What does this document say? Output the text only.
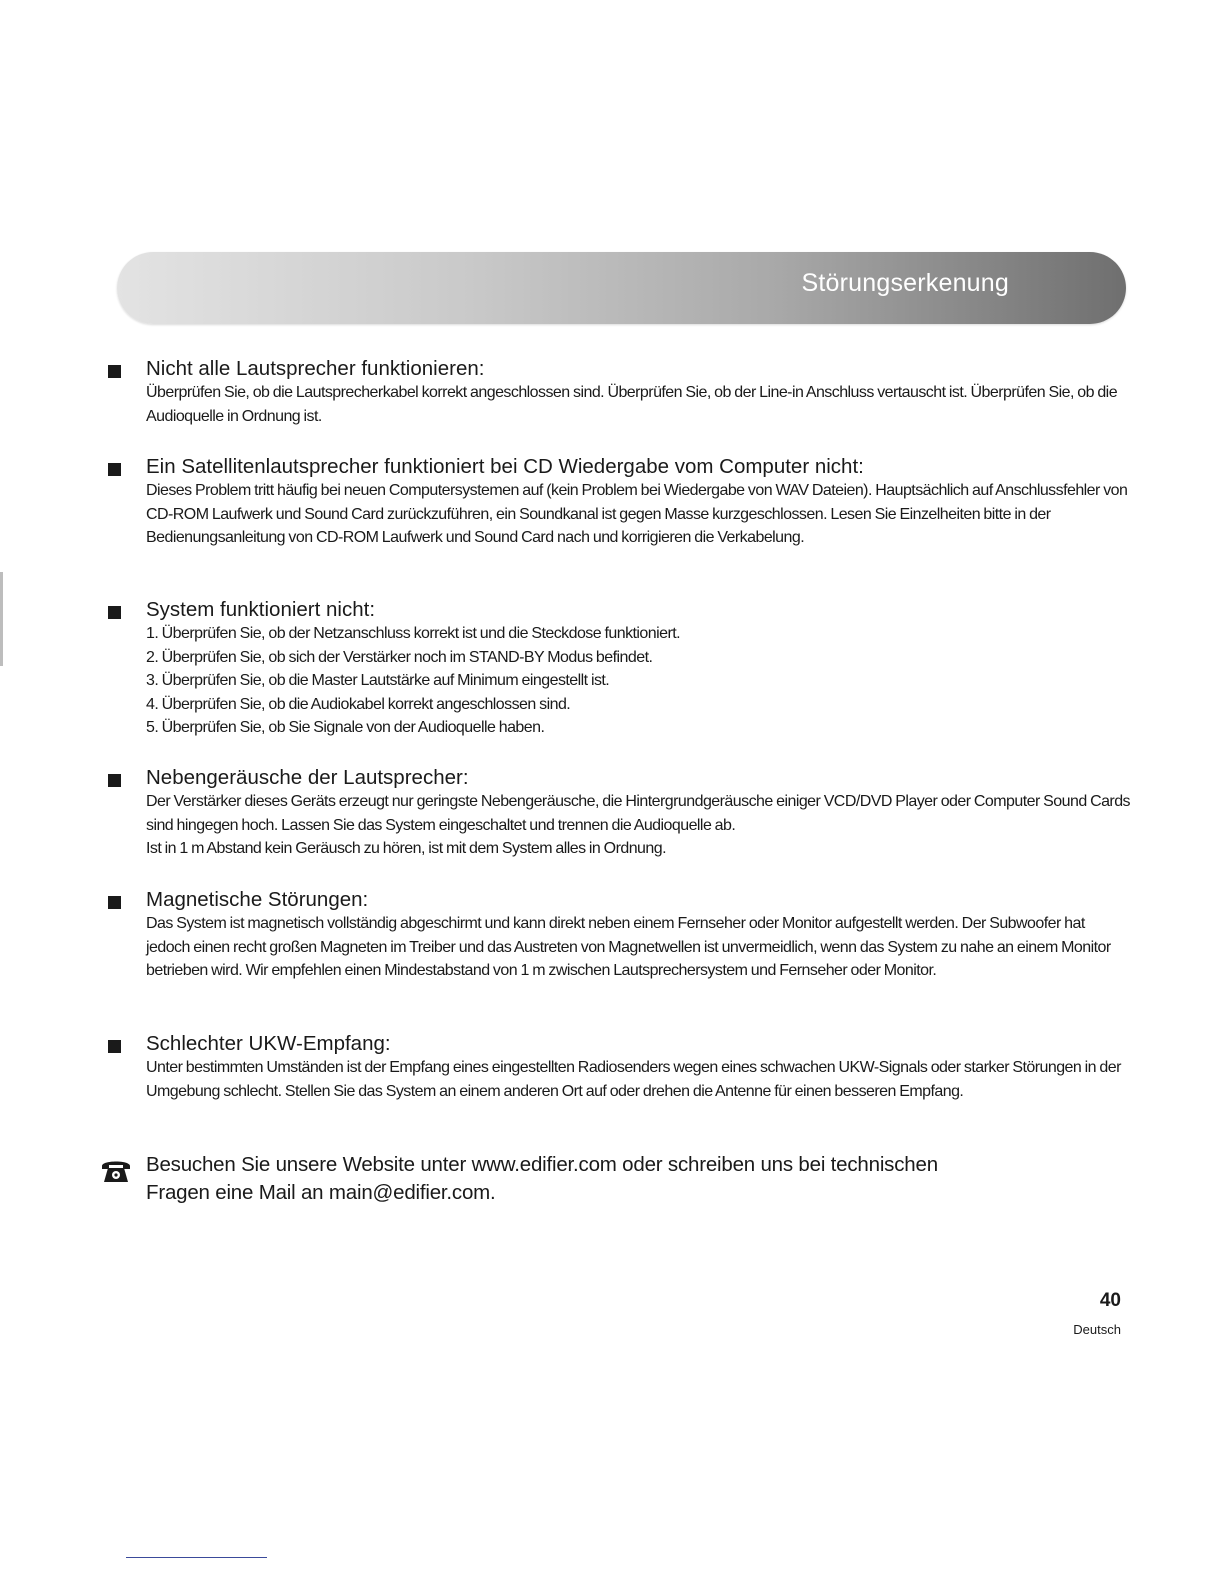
Störungserkenung
Nicht alle Lautsprecher funktionieren:

Überprüfen Sie, ob die Lautsprecherkabel korrekt angeschlossen sind. Überprüfen Sie, ob der Line-in Anschluss vertauscht ist. Überprüfen Sie, ob die Audioquelle in Ordnung ist.

Ein Satellitenlautsprecher funktioniert bei CD Wiedergabe vom Computer nicht:

Dieses Problem tritt häufig bei neuen Computersystemen auf (kein Problem bei Wiedergabe von WAV Dateien). Hauptsächlich auf Anschlussfehler von CD-ROM Laufwerk und Sound Card zurückzuführen, ein Soundkanal ist gegen Masse kurzgeschlossen. Lesen Sie Einzelheiten bitte in der Bedienungsanleitung von CD-ROM Laufwerk und Sound Card nach und korrigieren die Verkabelung.

System funktioniert nicht:
1. Überprüfen Sie, ob der Netzanschluss korrekt ist und die Steckdose funktioniert.
2. Überprüfen Sie, ob sich der Verstärker noch im STAND-BY Modus befindet.
3. Überprüfen Sie, ob die Master Lautstärke auf Minimum eingestellt ist.
4. Überprüfen Sie, ob die Audiokabel korrekt angeschlossen sind.
5. Überprüfen Sie, ob Sie Signale von der Audioquelle haben.
Nebengeräusche der Lautsprecher:

Der Verstärker dieses Geräts erzeugt nur geringste Nebengeräusche, die Hintergrundgeräusche einiger VCD/DVD Player oder Computer Sound Cards sind hingegen hoch. Lassen Sie das System eingeschaltet und trennen die Audioquelle ab.

Ist in 1 m Abstand kein Geräusch zu hören, ist mit dem System alles in Ordnung.

Magnetische Störungen:

Das System ist magnetisch vollständig abgeschirmt und kann direkt neben einem Fernseher oder Monitor aufgestellt werden. Der Subwoofer hat jedoch einen recht großen Magneten im Treiber und das Austreten von Magnetwellen ist unvermeidlich, wenn das System zu nahe an einem Monitor betrieben wird. Wir empfehlen einen Mindestabstand von 1 m zwischen Lautsprechersystem und Fernseher oder Monitor.

Schlechter UKW-Empfang:

Unter bestimmten Umständen ist der Empfang eines eingestellten Radiosenders wegen eines schwachen UKW-Signals oder starker Störungen in der Umgebung schlecht. Stellen Sie das System an einem anderen Ort auf oder drehen die Antenne für einen besseren Empfang.

Besuchen Sie unsere Website unter www.edifier.com oder schreiben uns bei technischen
Fragen eine Mail an main@edifier.com.
40
Deutsch
